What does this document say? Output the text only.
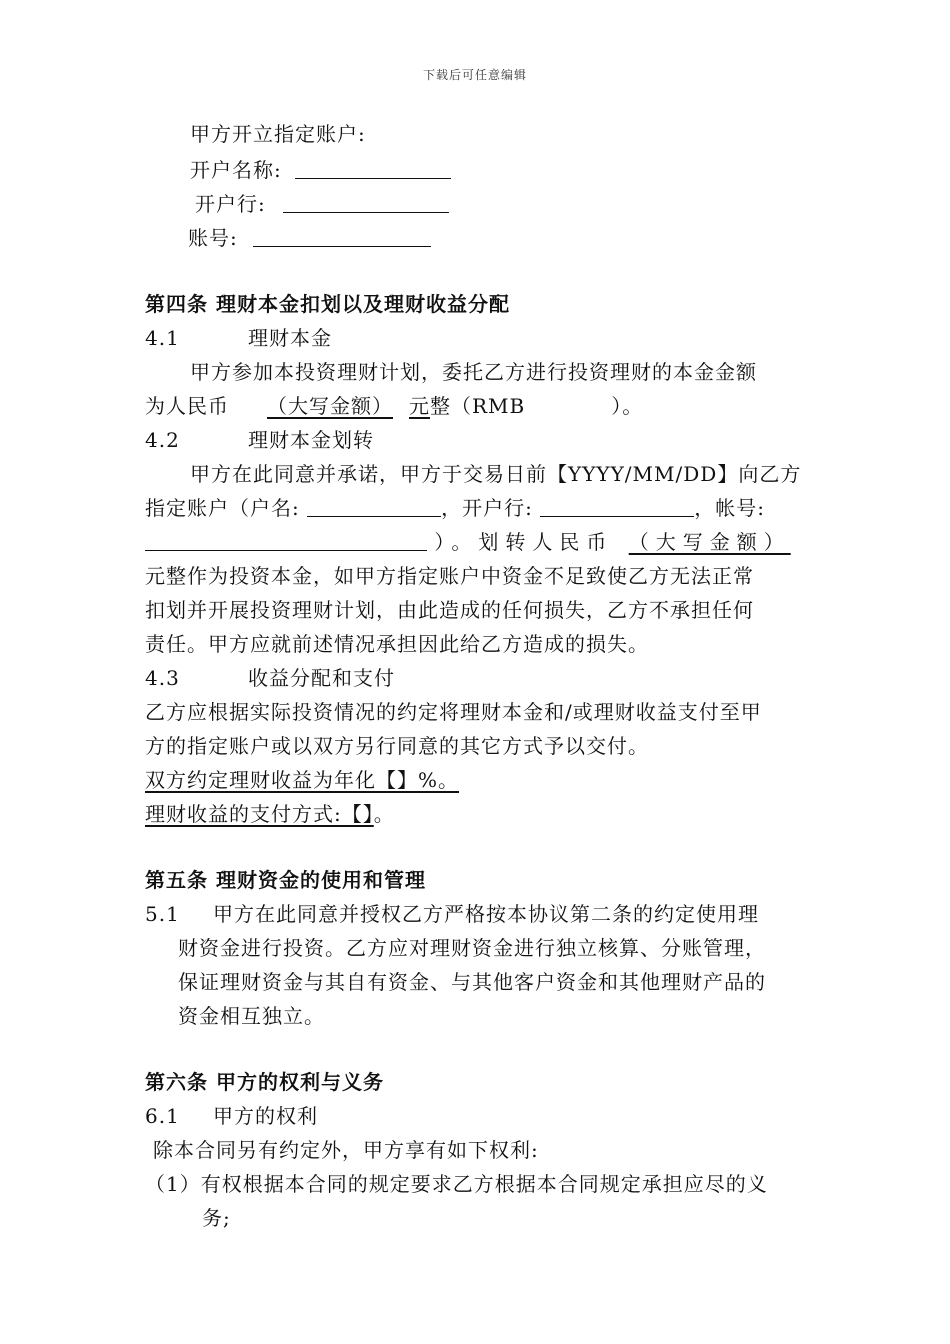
下载后可任意编辑
甲方开立指定账户:
开户名称:
开户行:
账号:
第四条 理财本金扣划以及理财收益分配
4.1	理财本金
甲方参加本投资理财计划，委托乙方进行投资理财的本金金额
为人民币 （大写金额） 元整（RMB	）。
4.2	理财本金划转
甲方在此同意并承诺，甲方于交易日前【YYYY/MM/DD】向乙方
指定账户（户名:	，开户行:	，帐号:
）。划转人民币 （大写金额）
元整作为投资本金，如甲方指定账户中资金不足致使乙方无法正常
扣划并开展投资理财计划，由此造成的任何损失，乙方不承担任何
责任。甲方应就前述情况承担因此给乙方造成的损失。
4.3	收益分配和支付
乙方应根据实际投资情况的约定将理财本金和/或理财收益支付至甲
方的指定账户或以双方另行同意的其它方式予以交付。
双方约定理财收益为年化【】%。
理财收益的支付方式:【】。
第五条 理财资金的使用和管理
5.1 甲方在此同意并授权乙方严格按本协议第二条的约定使用理
财资金进行投资。乙方应对理财资金进行独立核算、分账管理，
保证理财资金与其自有资金、与其他客户资金和其他理财产品的
资金相互独立。
第六条 甲方的权利与义务
6.1 甲方的权利
除本合同另有约定外，甲方享有如下权利:
（1）有权根据本合同的规定要求乙方根据本合同规定承担应尽的义
务;
